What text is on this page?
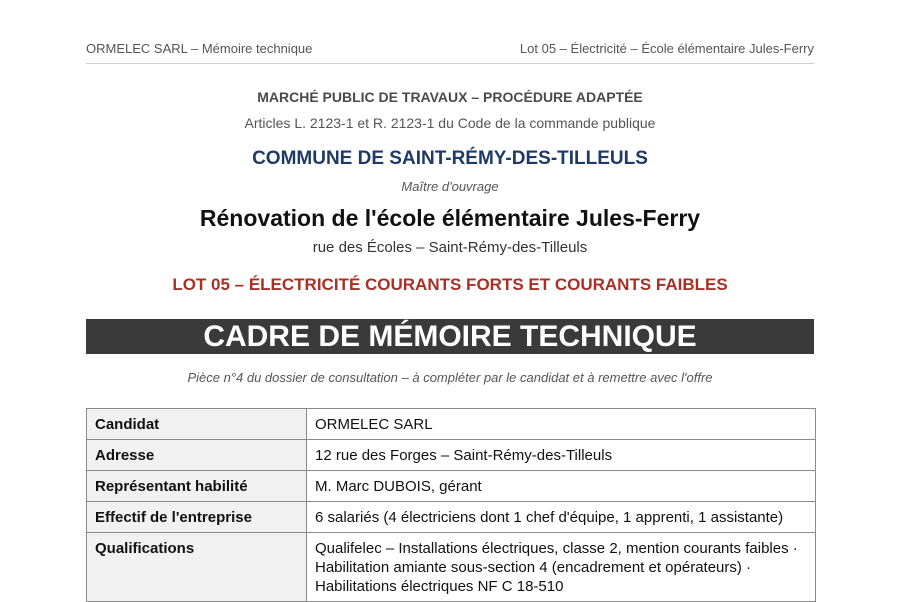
ORMELEC SARL – Mémoire technique	Lot 05 – Électricité – École élémentaire Jules-Ferry
MARCHÉ PUBLIC DE TRAVAUX – PROCÉDURE ADAPTÉE
Articles L. 2123-1 et R. 2123-1 du Code de la commande publique
COMMUNE DE SAINT-RÉMY-DES-TILLEULS
Maître d'ouvrage
Rénovation de l'école élémentaire Jules-Ferry
rue des Écoles – Saint-Rémy-des-Tilleuls
LOT 05 – ÉLECTRICITÉ COURANTS FORTS ET COURANTS FAIBLES
CADRE DE MÉMOIRE TECHNIQUE
Pièce n°4 du dossier de consultation – à compléter par le candidat et à remettre avec l'offre
Candidat	ORMELEC SARL
Adresse	12 rue des Forges – Saint-Rémy-des-Tilleuls
Représentant habilité	M. Marc DUBOIS, gérant
Effectif de l'entreprise	6 salariés (4 électriciens dont 1 chef d'équipe, 1 apprenti, 1 assistante)
Qualifications	Qualifelec – Installations électriques, classe 2, mention courants faibles · Habilitation amiante sous-section 4 (encadrement et opérateurs) · Habilitations électriques NF C 18-510
